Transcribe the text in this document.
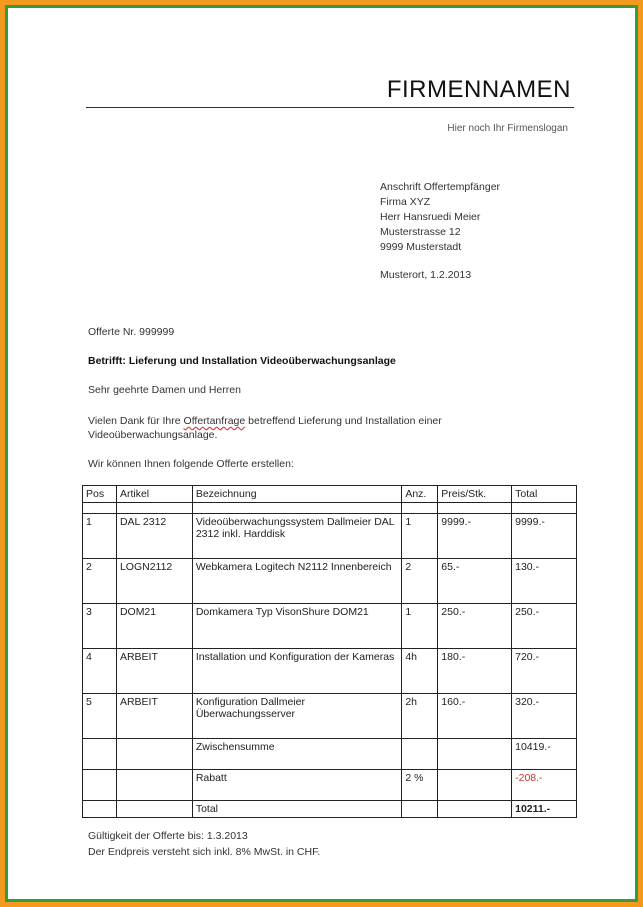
FIRMENNAMEN
Hier noch Ihr Firmenslogan
Anschrift Offertempfänger
Firma XYZ
Herr Hansruedi Meier
Musterstrasse 12
9999 Musterstadt
Musterort, 1.2.2013
Offerte Nr. 999999
Betrifft: Lieferung und Installation Videoüberwachungsanlage
Sehr geehrte Damen und Herren
Vielen Dank für Ihre Offertanfrage betreffend Lieferung und Installation einer Videoüberwachungsanlage.
Wir können Ihnen folgende Offerte erstellen:
Pos	Artikel	Bezeichnung	Anz.	Preis/Stk.	Total

1	DAL 2312	Videoüberwachungssystem Dallmeier DAL 2312 inkl. Harddisk	1	9999.-	9999.-
2	LOGN2112	Webkamera Logitech N2112 Innenbereich	2	65.-	130.-
3	DOM21	Domkamera Typ VisonShure DOM21	1	250.-	250.-
4	ARBEIT	Installation und Konfiguration der Kameras	4h	180.-	720.-
5	ARBEIT	Konfiguration Dallmeier Überwachungsserver	2h	160.-	320.-
		Zwischensumme			10419.-
		Rabatt	2 %		-208.-
		Total			10211.-
Gültigkeit der Offerte bis: 1.3.2013
Der Endpreis versteht sich inkl. 8% MwSt. in CHF.
